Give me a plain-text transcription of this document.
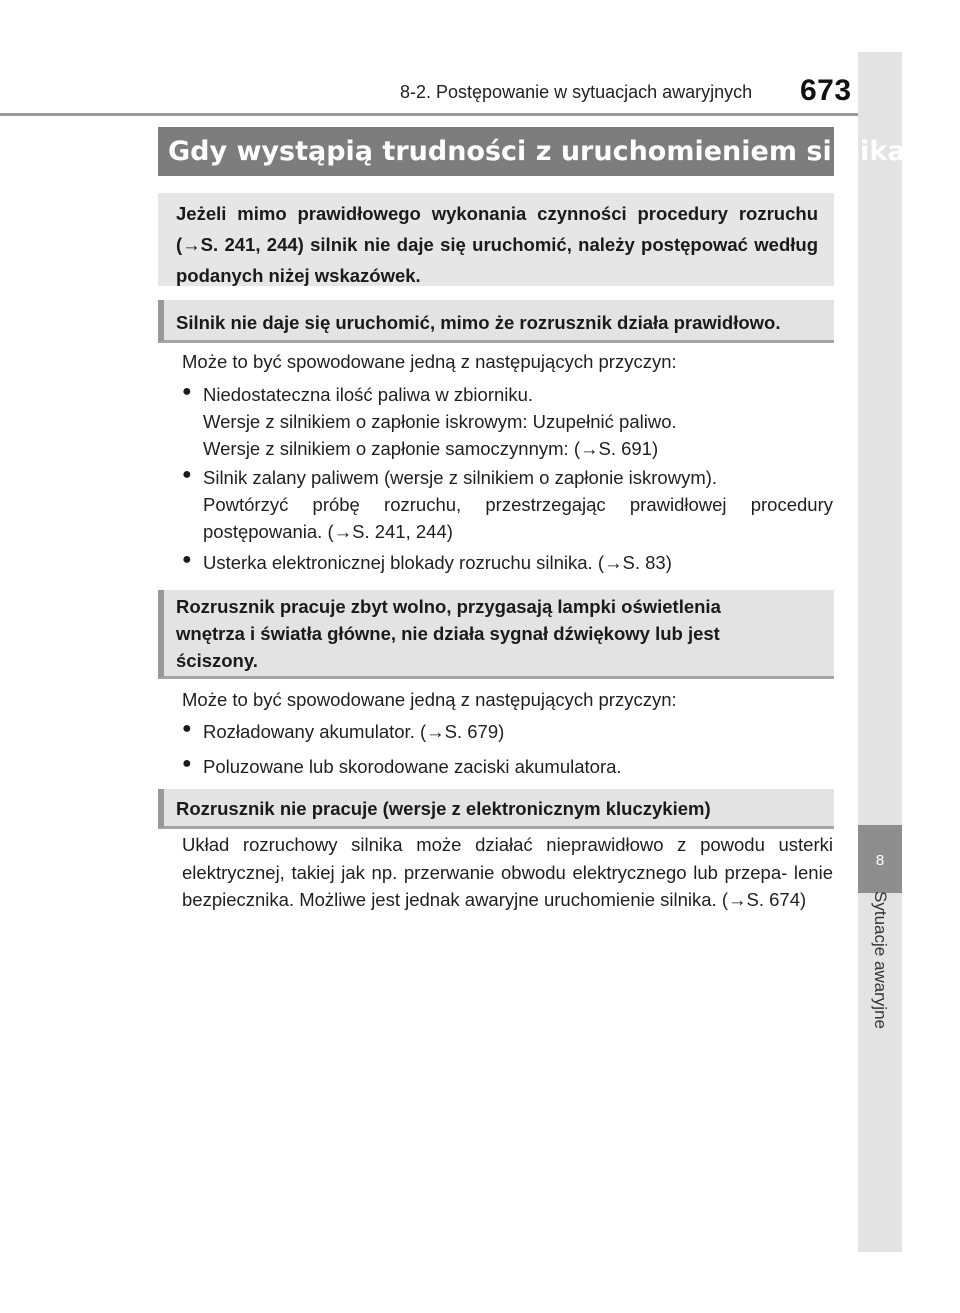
8-2. Postępowanie w sytuacjach awaryjnych 673
8
Sytuacje awaryjne
Gdy wystąpią trudności z uruchomieniem silnika
Jeżeli mimo prawidłowego wykonania czynności procedury rozruchu (→S. 241, 244) silnik nie daje się uruchomić, należy postępować według podanych niżej wskazówek.
Silnik nie daje się uruchomić, mimo że rozrusznik działa prawidłowo.
Może to być spowodowane jedną z następujących przyczyn:
● Niedostateczna ilość paliwa w zbiorniku.
Wersje z silnikiem o zapłonie iskrowym: Uzupełnić paliwo.
Wersje z silnikiem o zapłonie samoczynnym: (→S. 691)
● Silnik zalany paliwem (wersje z silnikiem o zapłonie iskrowym).
Powtórzyć próbę rozruchu, przestrzegając prawidłowej procedury
postępowania. (→S. 241, 244)
● Usterka elektronicznej blokady rozruchu silnika. (→S. 83)
Rozrusznik pracuje zbyt wolno, przygasają lampki oświetlenia
wnętrza i światła główne, nie działa sygnał dźwiękowy lub jest
ściszony.
Może to być spowodowane jedną z następujących przyczyn:
● Rozładowany akumulator. (→S. 679)
● Poluzowane lub skorodowane zaciski akumulatora.
Rozrusznik nie pracuje (wersje z elektronicznym kluczykiem)
Układ rozruchowy silnika może działać nieprawidłowo z powodu usterki elektrycznej, takiej jak np. przerwanie obwodu elektrycznego lub przepa- lenie bezpiecznika. Możliwe jest jednak awaryjne uruchomienie silnika. (→S. 674)
